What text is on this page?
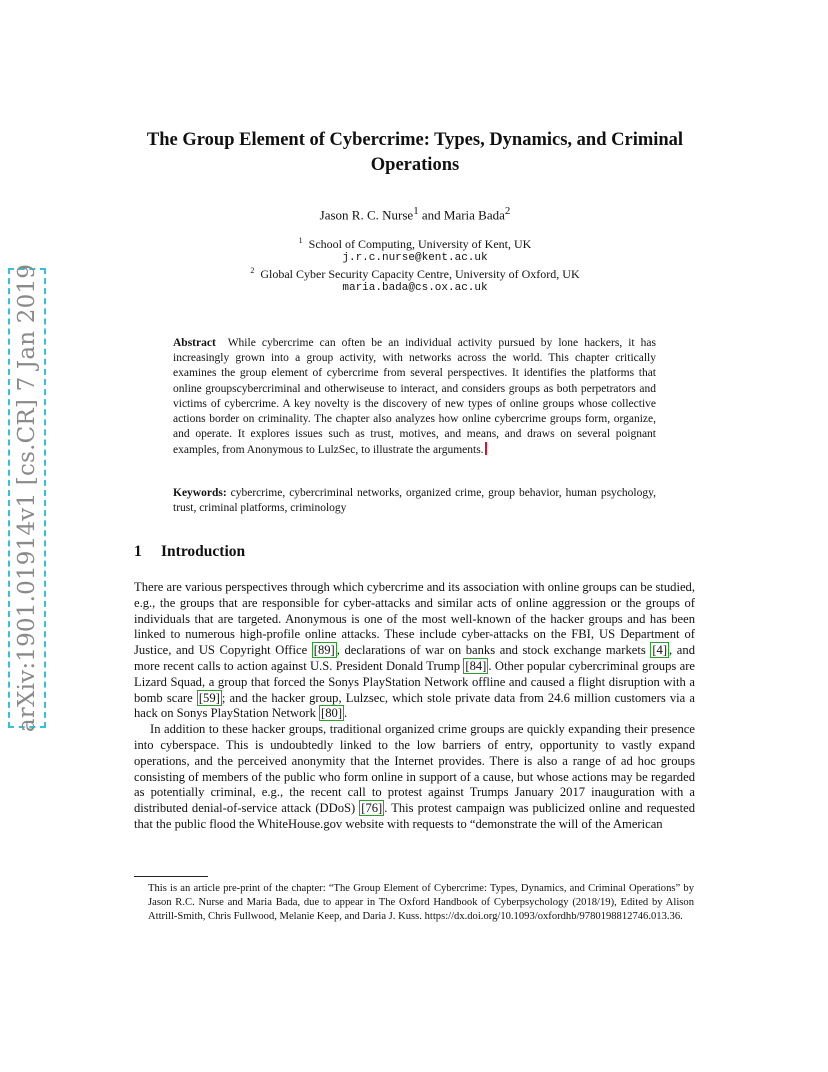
arXiv:1901.01914v1 [cs.CR] 7 Jan 2019
The Group Element of Cybercrime: Types, Dynamics, and Criminal Operations
Jason R. C. Nurse$^1$ and Maria Bada$^2$
$^1$ School of Computing, University of Kent, UK
j.r.c.nurse@kent.ac.uk
$^2$ Global Cyber Security Capacity Centre, University of Oxford, UK
maria.bada@cs.ox.ac.uk
Abstract While cybercrime can often be an individual activity pursued by lone hackers, it has increasingly grown into a group activity, with networks across the world. This chapter critically examines the group element of cybercrime from several perspectives. It identifies the platforms that online groupscybercriminal and otherwiseuse to interact, and considers groups as both perpetrators and victims of cybercrime. A key novelty is the discovery of new types of online groups whose collective actions border on criminality. The chapter also analyzes how online cybercrime groups form, organize, and operate. It explores issues such as trust, motives, and means, and draws on several poignant examples, from Anonymous to LulzSec, to illustrate the arguments.
Keywords: cybercrime, cybercriminal networks, organized crime, group behavior, human psychology, trust, criminal platforms, criminology
1 Introduction

There are various perspectives through which cybercrime and its association with online groups can be studied, e.g., the groups that are responsible for cyber-attacks and similar acts of online aggression or the groups of individuals that are targeted. Anonymous is one of the most well-known of the hacker groups and has been linked to numerous high-profile online attacks. These include cyber-attacks on the FBI, US Department of Justice, and US Copyright Office [89] , declarations of war on banks and stock exchange markets [4] , and more recent calls to action against U.S. President Donald Trump [84] . Other popular cybercriminal groups are Lizard Squad, a group that forced the Sonys PlayStation Network offline and caused a flight disruption with a bomb scare [59] ; and the hacker group, Lulzsec, which stole private data from 24.6 million customers via a hack on Sonys PlayStation Network [80] .

In addition to these hacker groups, traditional organized crime groups are quickly expanding their presence into cyberspace. This is undoubtedly linked to the low barriers of entry, opportunity to vastly expand operations, and the perceived anonymity that the Internet provides. There is also a range of ad hoc groups consisting of members of the public who form online in support of a cause, but whose actions may be regarded as potentially criminal, e.g., the recent call to protest against Trumps January 2017 inauguration with a distributed denial-of-service attack (DDoS) [76] . This protest campaign was publicized online and requested that the public flood the WhiteHouse.gov website with requests to “demonstrate the will of the American

This is an article pre-print of the chapter: “The Group Element of Cybercrime: Types, Dynamics, and Criminal Operations” by Jason R.C. Nurse and Maria Bada, due to appear in The Oxford Handbook of Cyberpsychology (2018/19), Edited by Alison Attrill-Smith, Chris Fullwood, Melanie Keep, and Daria J. Kuss. https://dx.doi.org/10.1093/oxfordhb/9780198812746.013.36.
